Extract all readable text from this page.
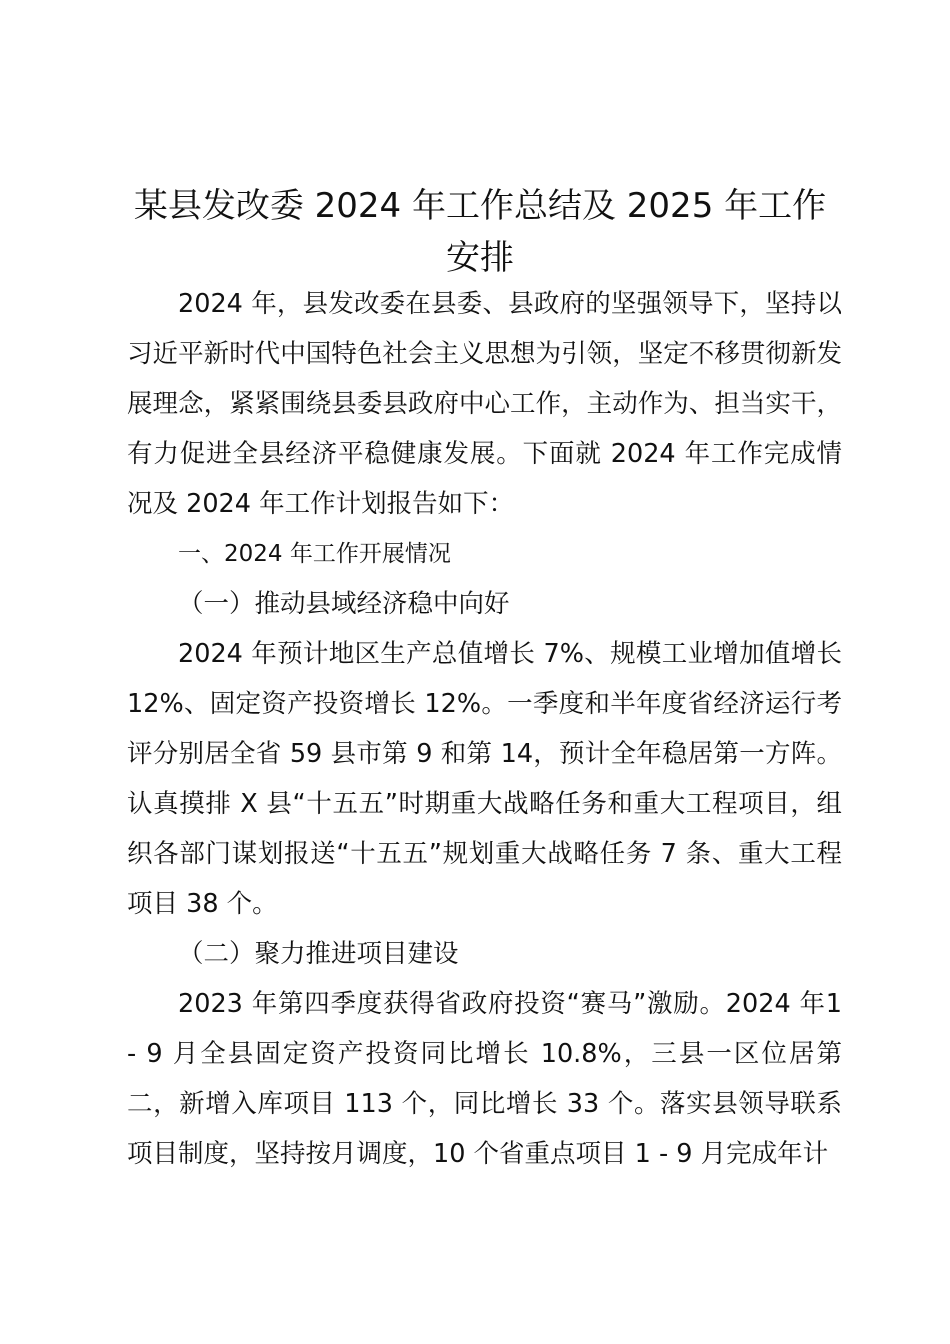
某县发改委 2024 年工作总结及 2025 年工作
安排

2024 年，县发改委在县委、县政府的坚强领导下，坚持以习近平新时代中国特色社会主义思想为引领，坚定不移贯彻新发展理念，紧紧围绕县委县政府中心工作，主动作为、担当实干，有力促进全县经济平稳健康发展。下面就 2024 年工作完成情况及 2024 年工作计划报告如下：

一、2024 年工作开展情况

（一）推动县域经济稳中向好

2024 年预计地区生产总值增长 7%、规模工业增加值增长12%、固定资产投资增长 12%。一季度和半年度省经济运行考评分别居全省 59 县市第 9 和第 14，预计全年稳居第一方阵。认真摸排 X 县“十五五”时期重大战略任务和重大工程项目，组织各部门谋划报送“十五五”规划重大战略任务 7 条、重大工程项目 38 个。

（二）聚力推进项目建设

2023 年第四季度获得省政府投资“赛马”激励。2024 年1 - 9 月全县固定资产投资同比增长 10.8%，三县一区位居第二，新增入库项目 113 个，同比增长 33 个。落实县领导联系项目制度，坚持按月调度，10 个省重点项目 1 - 9 月完成年计
